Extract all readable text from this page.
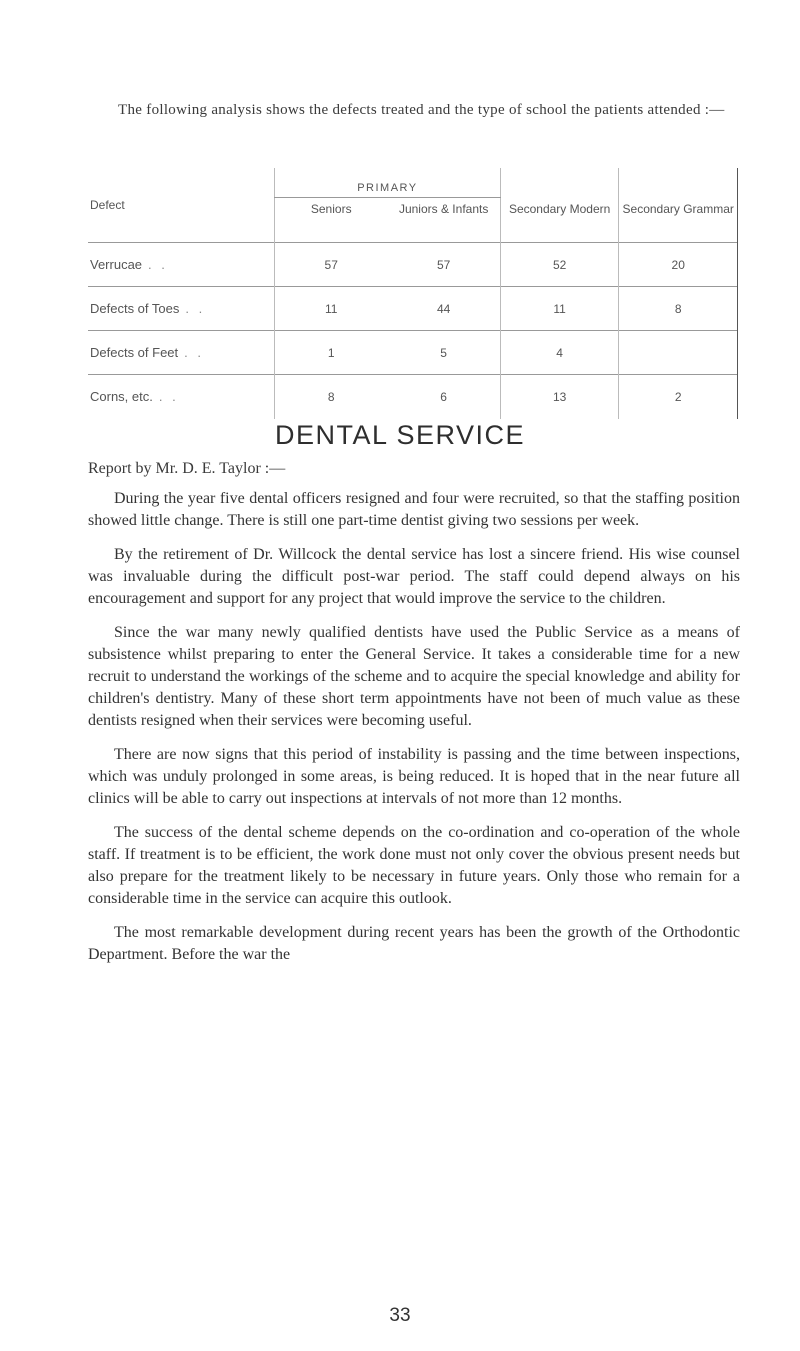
The following analysis shows the defects treated and the type of school the patients attended :—

Defect	PRIMARY		Secondary Modern	Secondary Grammar
	Seniors	Juniors & Infants		
Verrucae . .	57	57	52	20
Defects of Toes . .	11	44	11	8
Defects of Feet . .	1	5	4	
Corns, etc. . .	8	6	13	2
DENTAL SERVICE

Report by Mr. D. E. Taylor :—

During the year five dental officers resigned and four were recruited, so that the staffing position showed little change. There is still one part-time dentist giving two sessions per week.

By the retirement of Dr. Willcock the dental service has lost a sincere friend. His wise counsel was invaluable during the difficult post-war period. The staff could depend always on his encouragement and support for any project that would improve the service to the children.

Since the war many newly qualified dentists have used the Public Service as a means of subsistence whilst preparing to enter the General Service. It takes a considerable time for a new recruit to understand the workings of the scheme and to acquire the special knowledge and ability for children's dentistry. Many of these short term appointments have not been of much value as these dentists resigned when their services were becoming useful.

There are now signs that this period of instability is passing and the time between inspections, which was unduly prolonged in some areas, is being reduced. It is hoped that in the near future all clinics will be able to carry out inspections at intervals of not more than 12 months.

The success of the dental scheme depends on the co-ordination and co-operation of the whole staff. If treatment is to be efficient, the work done must not only cover the obvious present needs but also prepare for the treatment likely to be necessary in future years. Only those who remain for a considerable time in the service can acquire this outlook.

The most remarkable development during recent years has been the growth of the Orthodontic Department. Before the war the

33
